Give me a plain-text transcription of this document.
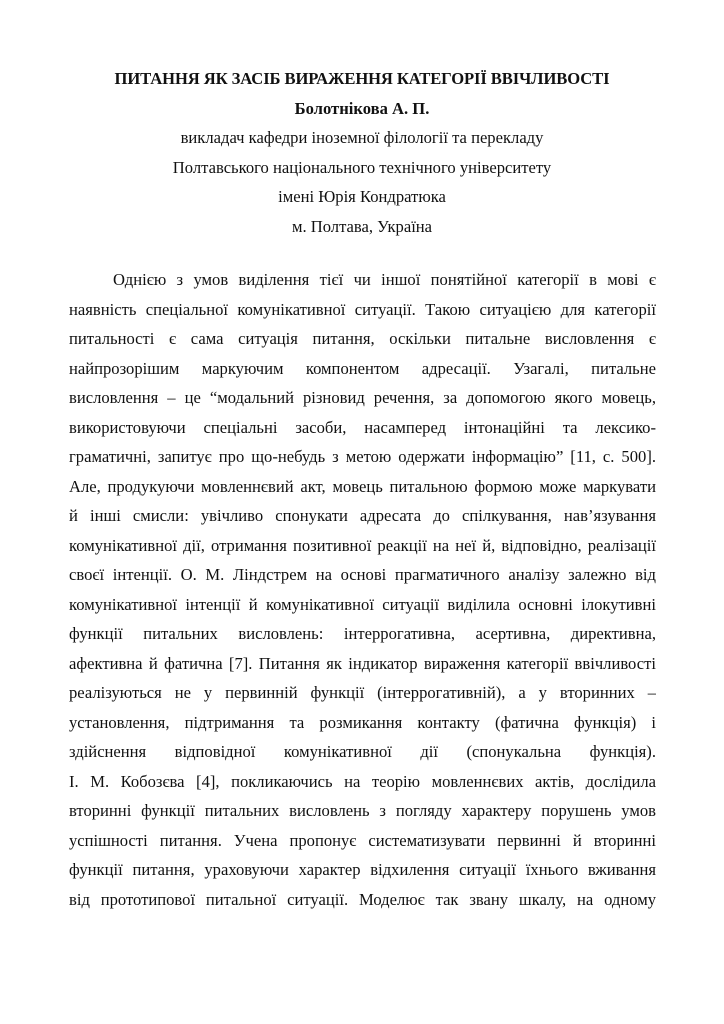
ПИТАННЯ ЯК ЗАСІБ ВИРАЖЕННЯ КАТЕГОРІЇ ВВІЧЛИВОСТІ
Болотнікова А. П.
викладач кафедри іноземної філології та перекладу
Полтавського національного технічного університету
імені Юрія Кондратюка
м. Полтава, Україна
Однією з умов виділення тієї чи іншої понятійної категорії в мові є
наявність спеціальної комунікативної ситуації. Такою ситуацією для категорії
питальності є сама ситуація питання, оскільки питальне висловлення є
найпрозорішим маркуючим компонентом адресації. Узагалі, питальне
висловлення – це “модальний різновид речення, за допомогою якого мовець,
використовуючи спеціальні засоби, насамперед інтонаційні та лексико-
граматичні, запитує про що-небудь з метою одержати інформацію” [11, с. 500].
Але, продукуючи мовленнєвий акт, мовець питальною формою може маркувати
й інші смисли: увічливо спонукати адресата до спілкування, нав’язування
комунікативної дії, отримання позитивної реакції на неї й, відповідно, реалізації
своєї інтенції. О. М. Ліндстрем на основі прагматичного аналізу залежно від
комунікативної інтенції й комунікативної ситуації виділила основні ілокутивні
функції питальних висловлень: інтеррогативна, асертивна, директивна,
афективна й фатична [7]. Питання як індикатор вираження категорії ввічливості
реалізуються не у первинній функції (інтеррогативній), а у вторинних –
установлення, підтримання та розмикання контакту (фатична функція) і
здійснення відповідної комунікативної дії (спонукальна функція).
І. М. Кобозєва [4], покликаючись на теорію мовленнєвих актів, дослідила
вторинні функції питальних висловлень з погляду характеру порушень умов
успішності питання. Учена пропонує систематизувати первинні й вторинні
функції питання, ураховуючи характер відхилення ситуації їхнього вживання
від прототипової питальної ситуації. Моделює так звану шкалу, на одному
